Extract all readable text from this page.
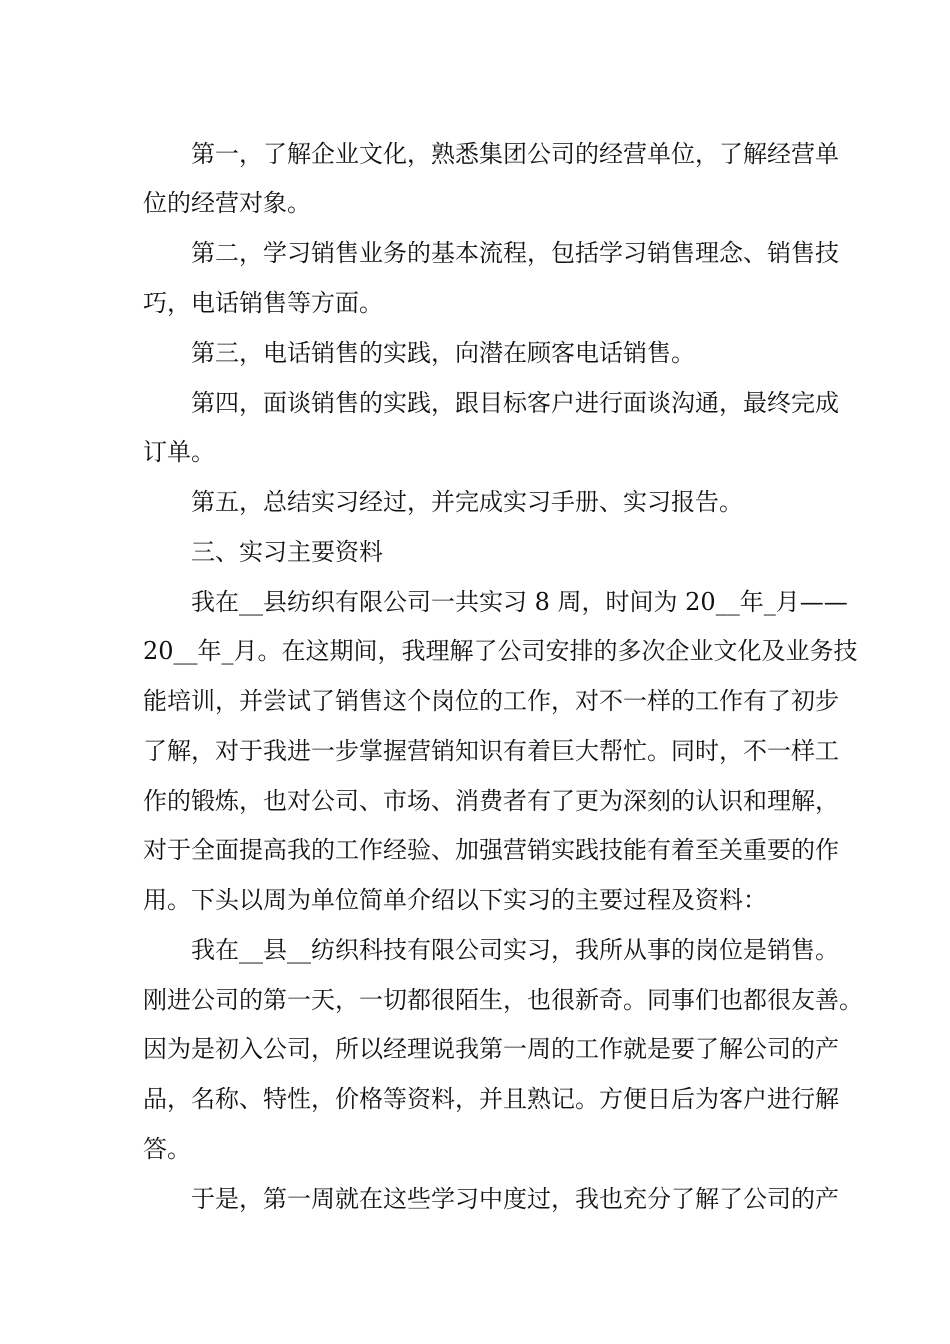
第一，了解企业文化，熟悉集团公司的经营单位，了解经营单

位的经营对象。

第二，学习销售业务的基本流程，包括学习销售理念、销售技

巧，电话销售等方面。

第三，电话销售的实践，向潜在顾客电话销售。

第四，面谈销售的实践，跟目标客户进行面谈沟通，最终完成

订单。

第五，总结实习经过，并完成实习手册、实习报告。

三、实习主要资料

我在__县纺织有限公司一共实习 8 周，时间为 20__年_月——

20__年_月。在这期间，我理解了公司安排的多次企业文化及业务技

能培训，并尝试了销售这个岗位的工作，对不一样的工作有了初步

了解，对于我进一步掌握营销知识有着巨大帮忙。同时，不一样工

作的锻炼，也对公司、市场、消费者有了更为深刻的认识和理解，

对于全面提高我的工作经验、加强营销实践技能有着至关重要的作

用。下头以周为单位简单介绍以下实习的主要过程及资料：

我在__县__纺织科技有限公司实习，我所从事的岗位是销售。

刚进公司的第一天，一切都很陌生，也很新奇。同事们也都很友善。

因为是初入公司，所以经理说我第一周的工作就是要了解公司的产

品，名称、特性，价格等资料，并且熟记。方便日后为客户进行解

答。

于是，第一周就在这些学习中度过，我也充分了解了公司的产
